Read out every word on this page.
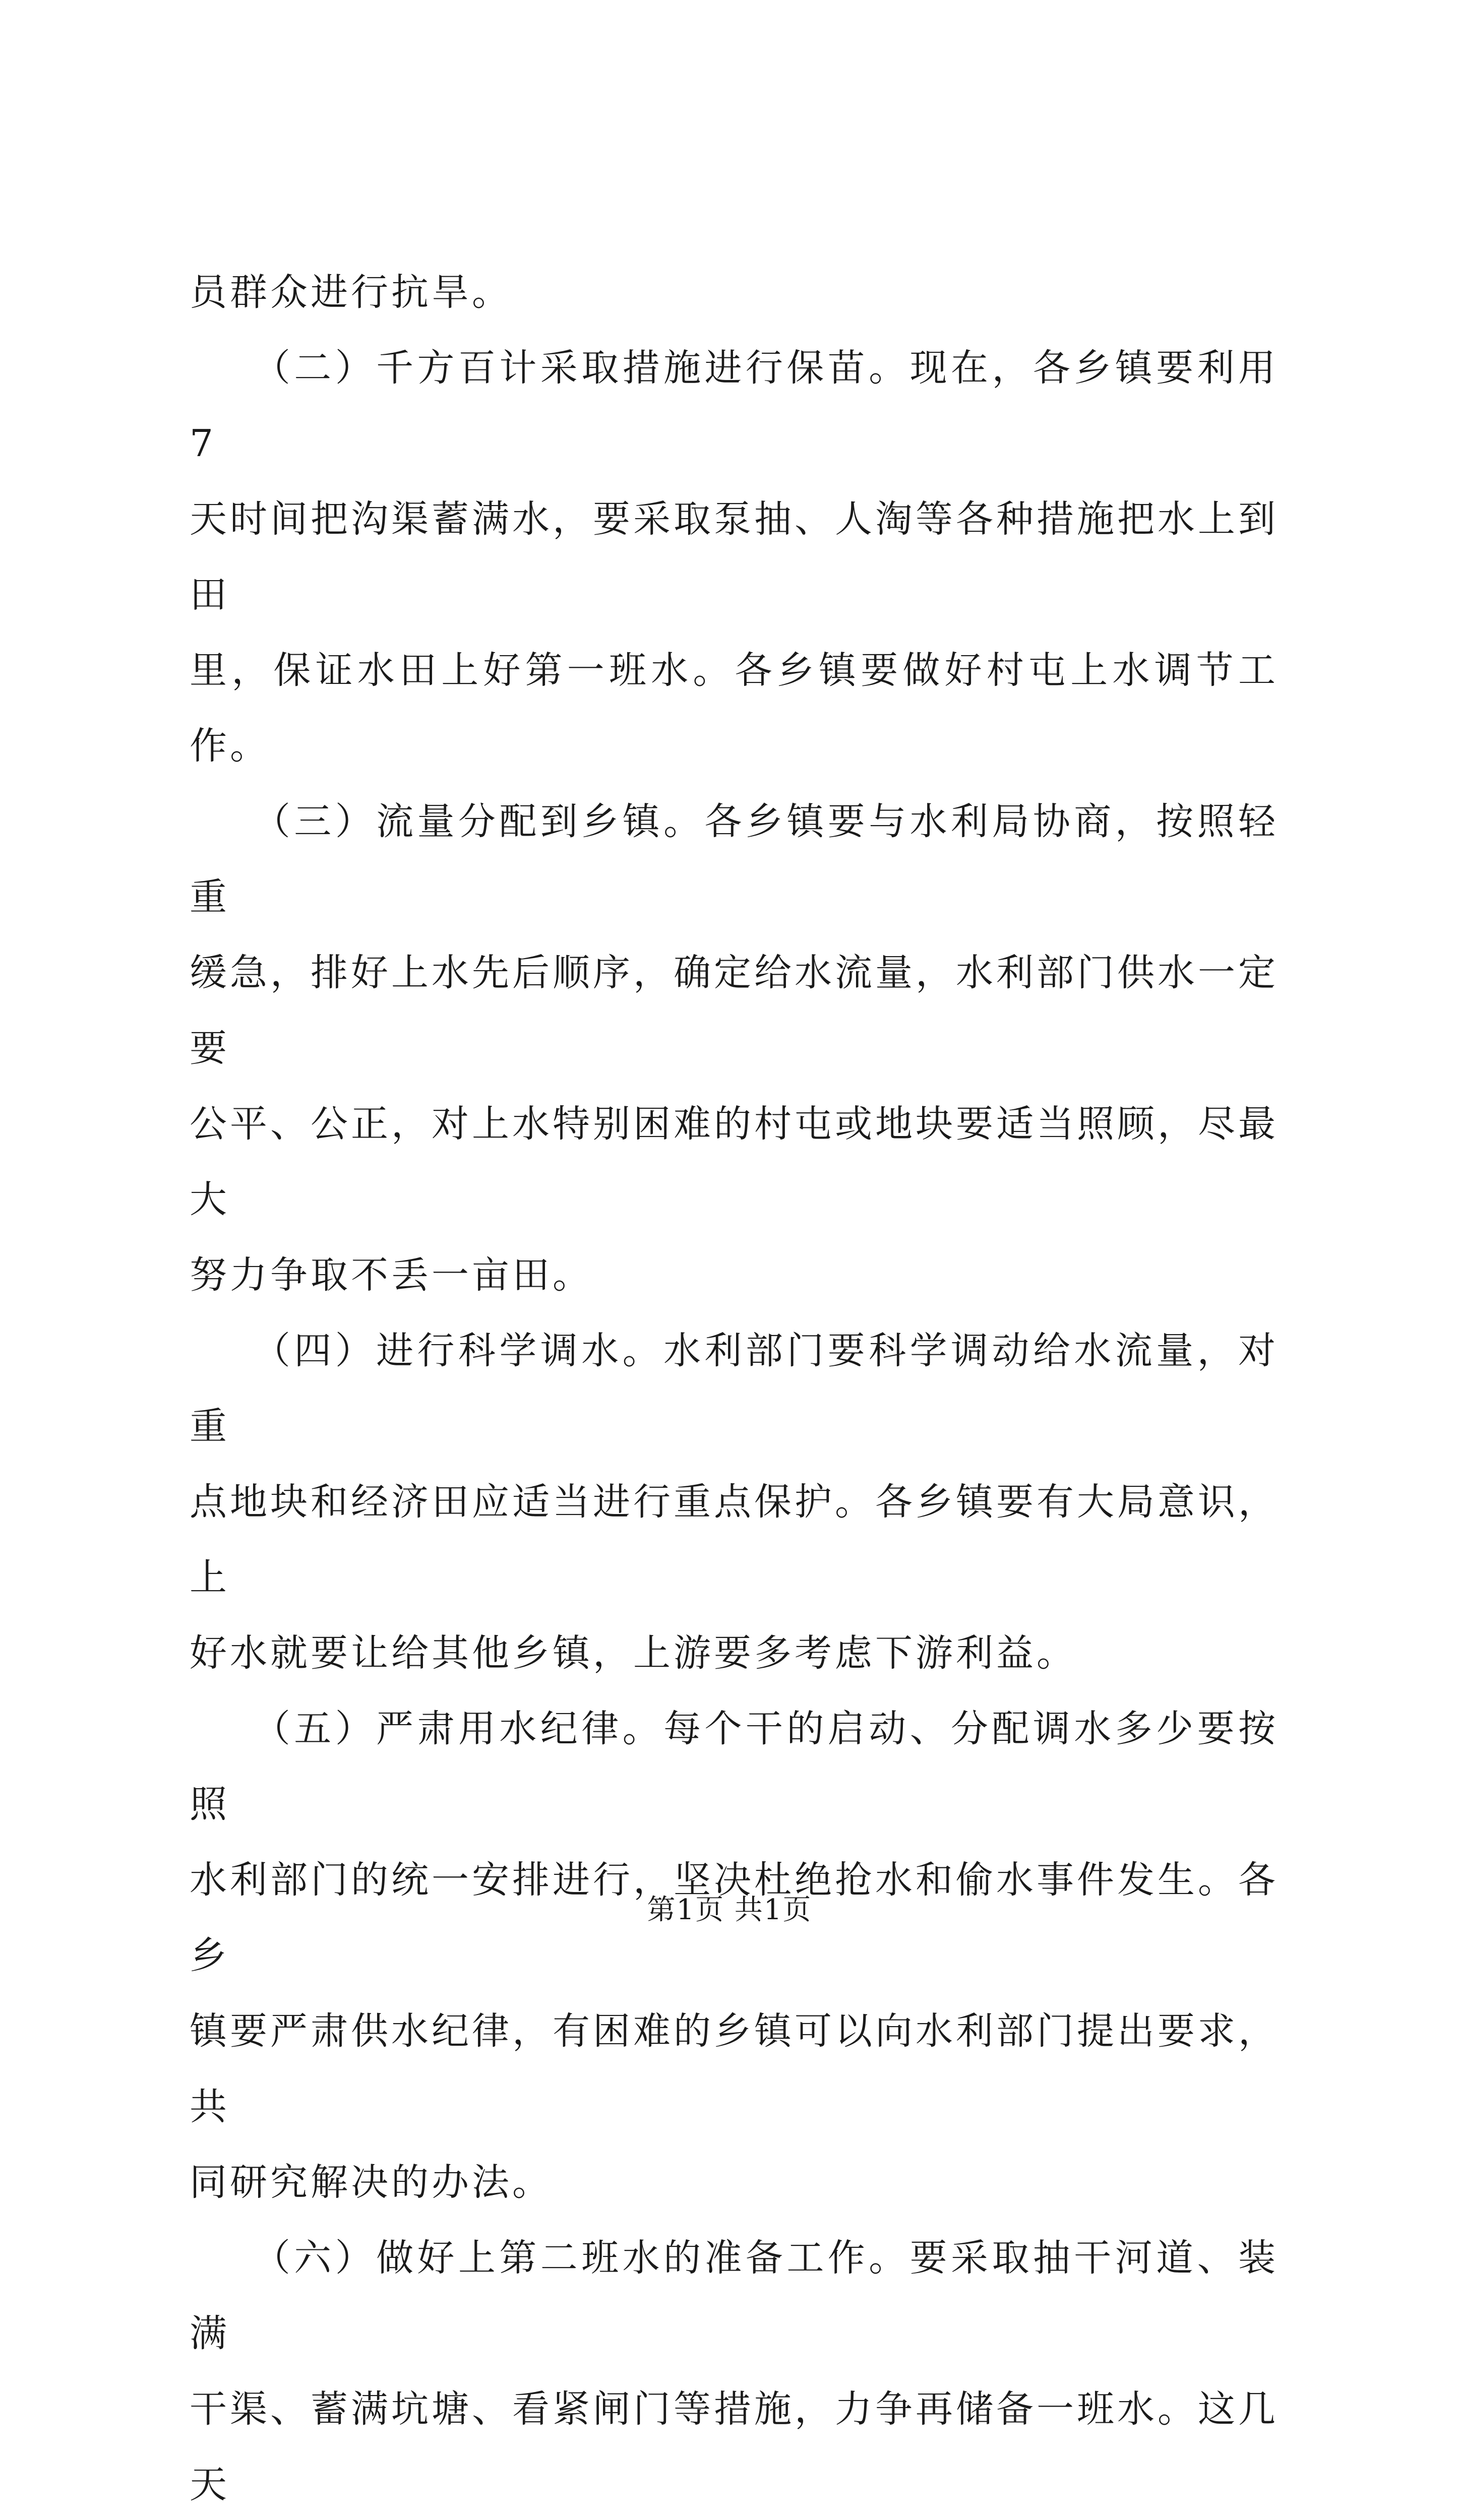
员群众进行抗旱。

　　（二）千方百计采取措施进行保苗。现在，各乡镇要利用7
天时间把沟渠蓄满水，要采取泵抽、人淘等各种措施把水上到田
里，保证水田上好第一班水。各乡镇要做好村屯上水调节工作。

　　（三）流量分配到乡镇。各乡镇要与水利局协商，按照轻重
缓急，排好上水先后顺序，确定给水流量，水利部门供水一定要
公平、公正，对上水特别困难的村屯或地块要适当照顾，尽最大
努力争取不丢一亩田。

　　（四）进行科学调水。水利部门要科学调动给水流量，对重
点地块和经济田应适当进行重点保护。各乡镇要有大局意识，上
好水就要让给其他乡镇，上游要多考虑下游利益。

　　（五）严肃用水纪律。每个干的启动、分配调水多少要按照
水利部门的统一安排进行，坚决杜绝抢水和偷水事件发生。各乡
镇要严肃供水纪律，有困难的乡镇可以向水利部门提出要求，共
同研究解决的办法。

　　（六）做好上第二班水的准备工作。要采取抽干河道、装满
干渠、蓄满坑塘、看紧闸门等措施，力争再储备一班水。这几天

第1页 共1页
